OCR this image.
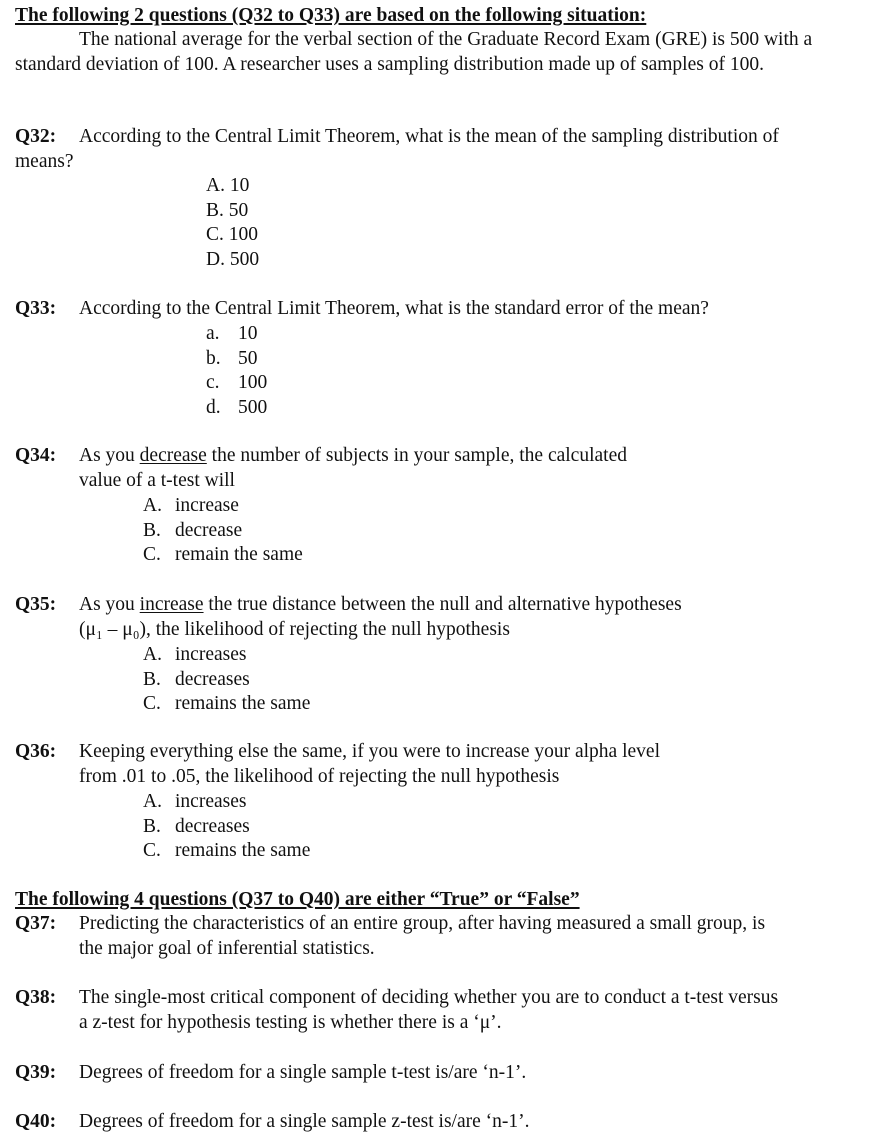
The following 2 questions (Q32 to Q33) are based on the following situation:
The national average for the verbal section of the Graduate Record Exam (GRE) is 500 with a standard deviation of 100. A researcher uses a sampling distribution made up of samples of 100.
Q32: According to the Central Limit Theorem, what is the mean of the sampling distribution of
means?
A. 10
B. 50
C. 100
D. 500
Q33: According to the Central Limit Theorem, what is the standard error of the mean?
a. 10
b. 50
c. 100
d. 500
Q34: As you decrease the number of subjects in your sample, the calculated
value of a t-test will
A. increase
B. decrease
C. remain the same
Q35: As you increase the true distance between the null and alternative hypotheses
(μ₁ – μ₀), the likelihood of rejecting the null hypothesis
A. increases
B. decreases
C. remains the same
Q36: Keeping everything else the same, if you were to increase your alpha level
from .01 to .05, the likelihood of rejecting the null hypothesis
A. increases
B. decreases
C. remains the same
The following 4 questions (Q37 to Q40) are either “True” or “False”
Q37: Predicting the characteristics of an entire group, after having measured a small group, is
the major goal of inferential statistics.
Q38: The single-most critical component of deciding whether you are to conduct a t-test versus
a z-test for hypothesis testing is whether there is a ‘μ’.
Q39: Degrees of freedom for a single sample t-test is/are ‘n-1’.
Q40: Degrees of freedom for a single sample z-test is/are ‘n-1’.
